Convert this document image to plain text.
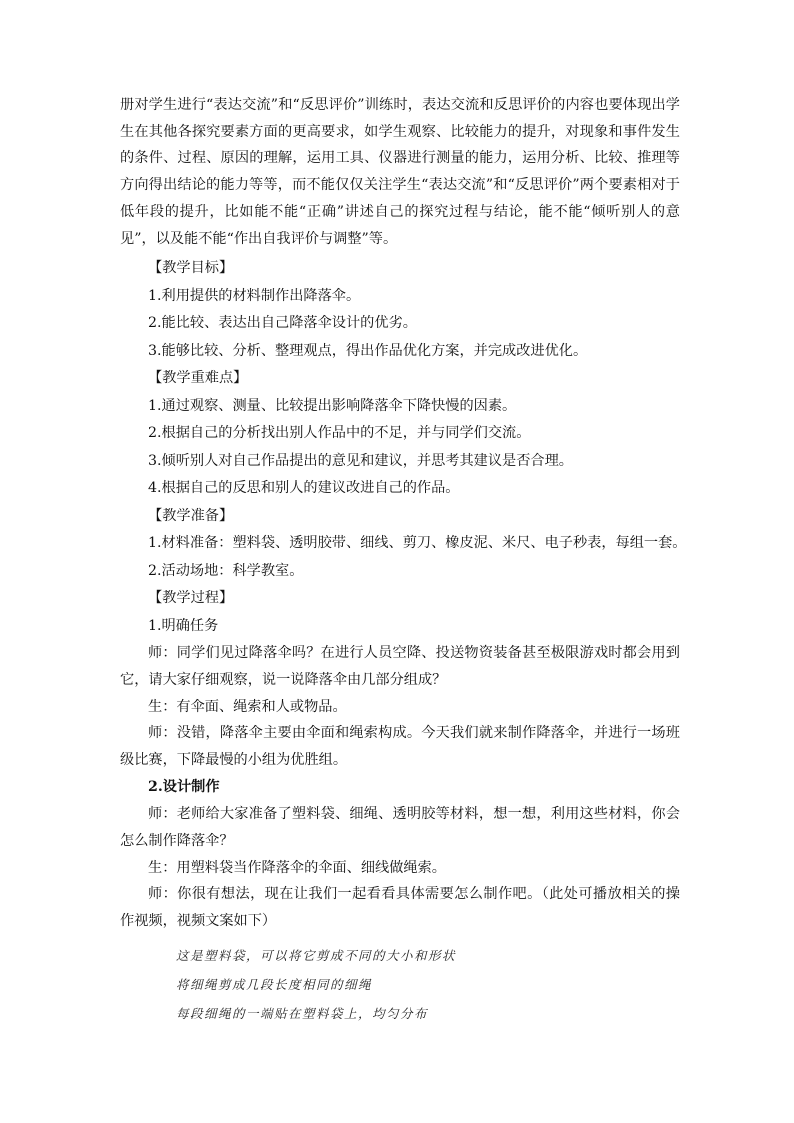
册对学生进行“表达交流”和“反思评价”训练时，表达交流和反思评价的内容也要体现出学生在其他各探究要素方面的更高要求，如学生观察、比较能力的提升，对现象和事件发生的条件、过程、原因的理解，运用工具、仪器进行测量的能力，运用分析、比较、推理等方向得出结论的能力等等，而不能仅仅关注学生“表达交流”和“反思评价”两个要素相对于低年段的提升，比如能不能“正确”讲述自己的探究过程与结论，能不能“倾听别人的意见”，以及能不能“作出自我评价与调整”等。

【教学目标】

1.利用提供的材料制作出降落伞。

2.能比较、表达出自己降落伞设计的优劣。

3.能够比较、分析、整理观点，得出作品优化方案，并完成改进优化。

【教学重难点】

1.通过观察、测量、比较提出影响降落伞下降快慢的因素。

2.根据自己的分析找出别人作品中的不足，并与同学们交流。

3.倾听别人对自己作品提出的意见和建议，并思考其建议是否合理。

4.根据自己的反思和别人的建议改进自己的作品。

【教学准备】

1.材料准备：塑料袋、透明胶带、细线、剪刀、橡皮泥、米尺、电子秒表，每组一套。

2.活动场地：科学教室。

【教学过程】

1.明确任务

师：同学们见过降落伞吗？在进行人员空降、投送物资装备甚至极限游戏时都会用到它，请大家仔细观察，说一说降落伞由几部分组成？

生：有伞面、绳索和人或物品。

师：没错，降落伞主要由伞面和绳索构成。今天我们就来制作降落伞，并进行一场班级比赛，下降最慢的小组为优胜组。

2.设计制作

师：老师给大家准备了塑料袋、细绳、透明胶等材料，想一想，利用这些材料，你会怎么制作降落伞？

生：用塑料袋当作降落伞的伞面、细线做绳索。

师：你很有想法，现在让我们一起看看具体需要怎么制作吧。（此处可播放相关的操作视频，视频文案如下）

这是塑料袋，可以将它剪成不同的大小和形状

将细绳剪成几段长度相同的细绳

每段细绳的一端贴在塑料袋上，均匀分布
